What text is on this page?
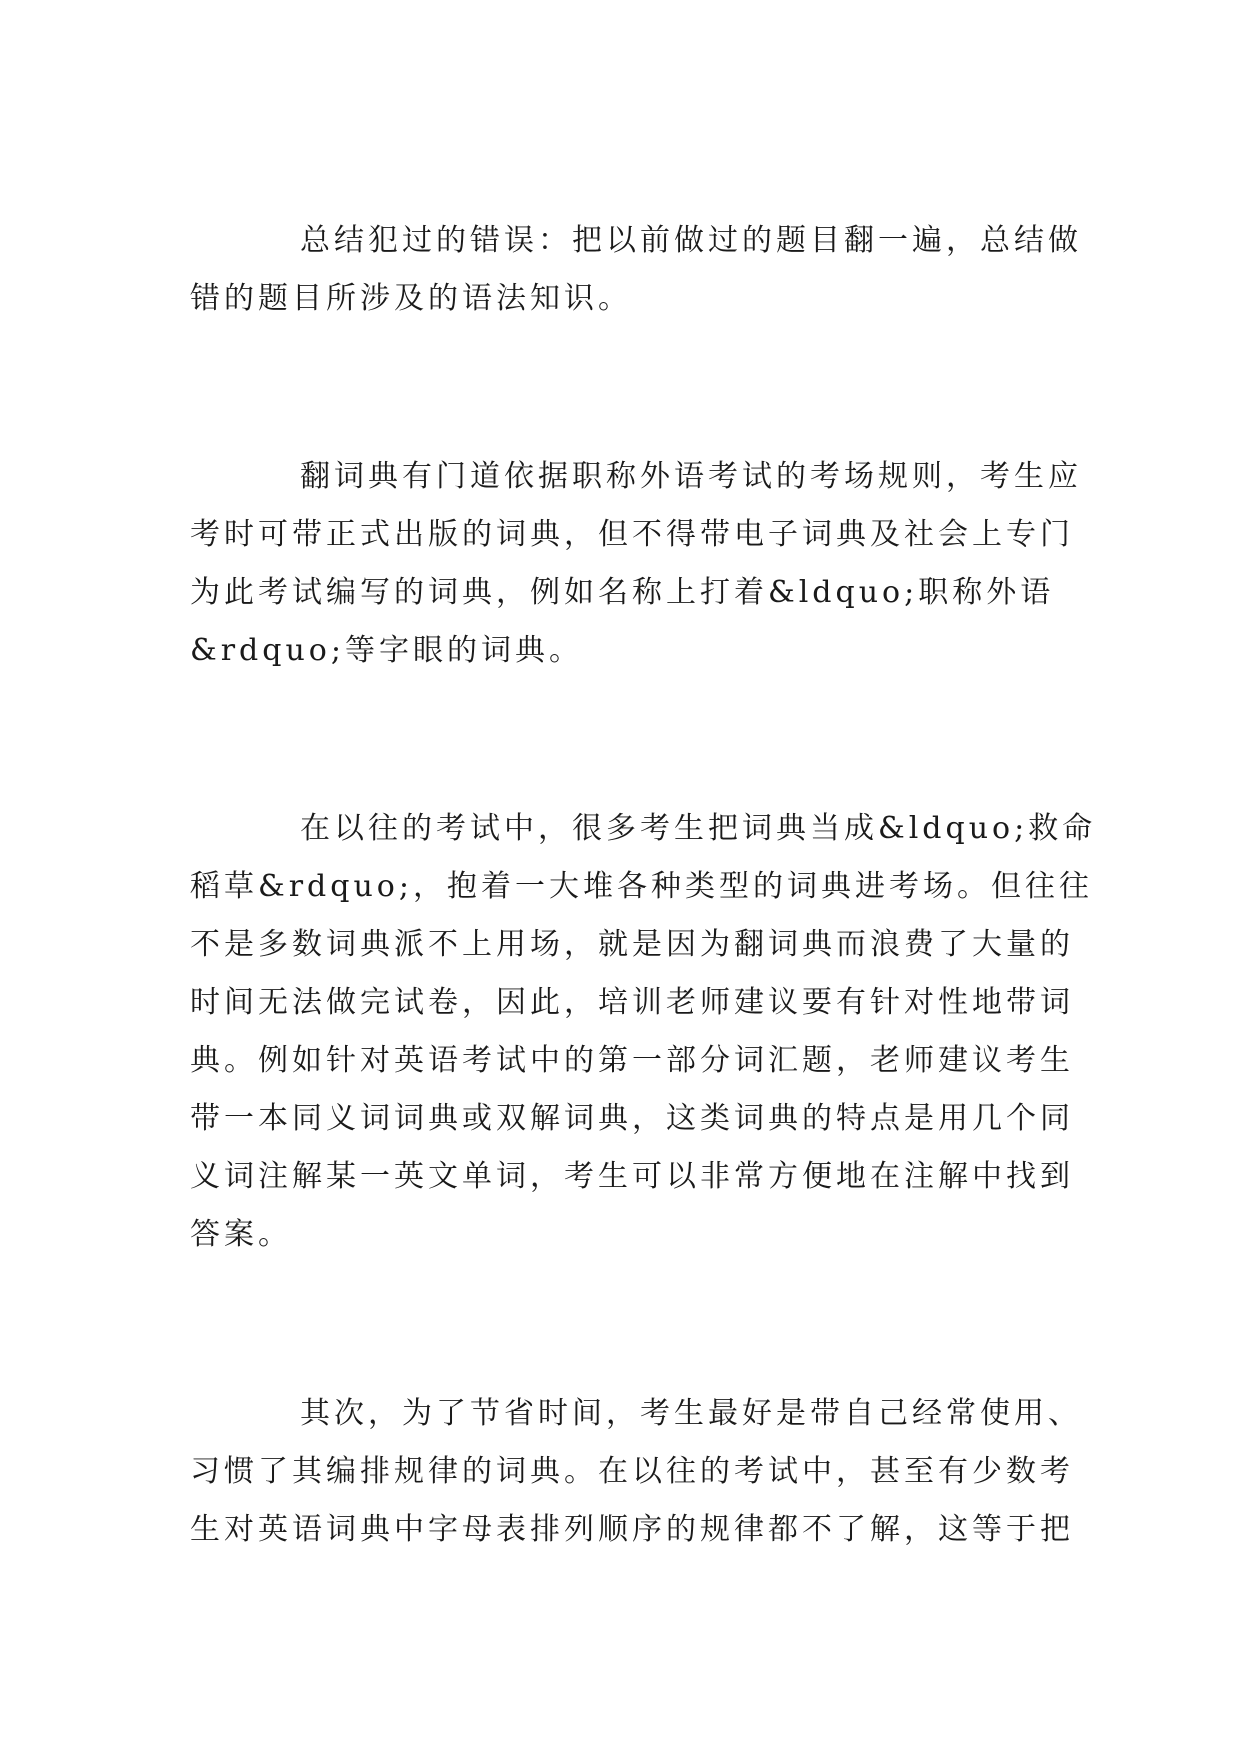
总结犯过的错误：把以前做过的题目翻一遍，总结做
错的题目所涉及的语法知识。
翻词典有门道依据职称外语考试的考场规则，考生应
考时可带正式出版的词典，但不得带电子词典及社会上专门
为此考试编写的词典，例如名称上打着&ldquo;职称外语
&rdquo;等字眼的词典。
在以往的考试中，很多考生把词典当成&ldquo;救命
稻草&rdquo;，抱着一大堆各种类型的词典进考场。但往往
不是多数词典派不上用场，就是因为翻词典而浪费了大量的
时间无法做完试卷，因此，培训老师建议要有针对性地带词
典。例如针对英语考试中的第一部分词汇题，老师建议考生
带一本同义词词典或双解词典，这类词典的特点是用几个同
义词注解某一英文单词，考生可以非常方便地在注解中找到
答案。
其次，为了节省时间，考生最好是带自己经常使用、
习惯了其编排规律的词典。在以往的考试中，甚至有少数考
生对英语词典中字母表排列顺序的规律都不了解，这等于把
